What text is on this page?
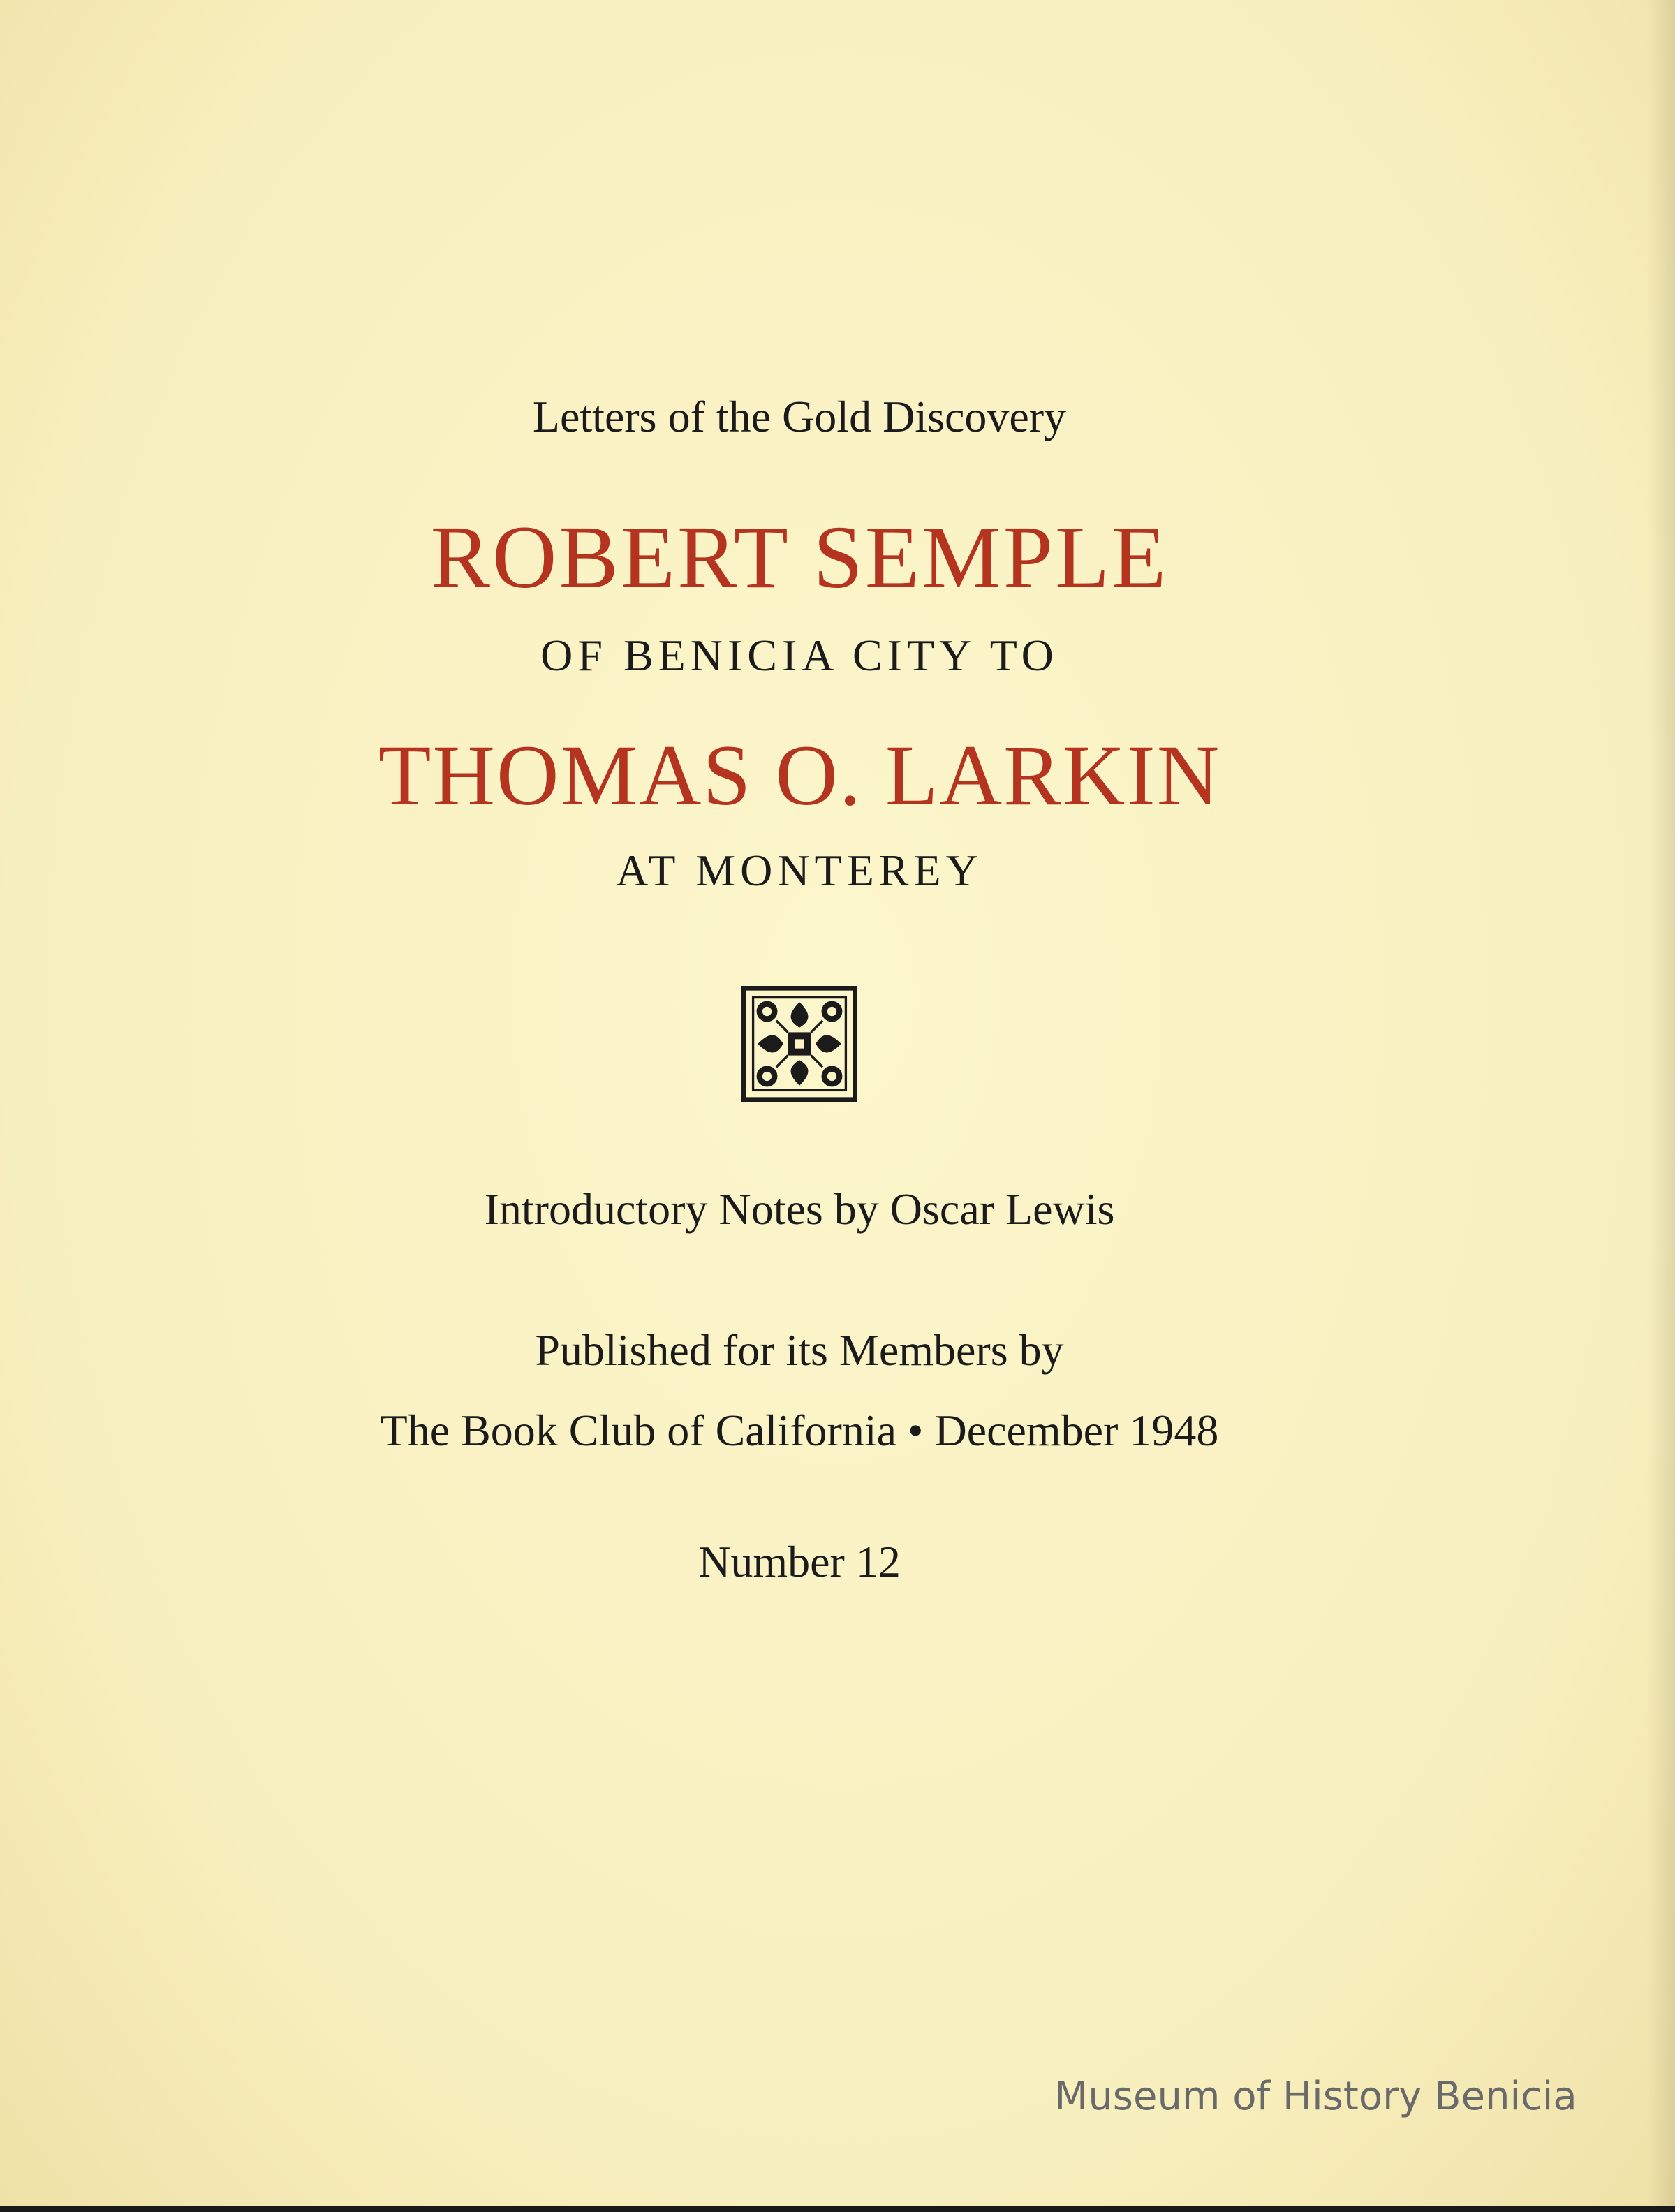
Letters of the Gold Discovery
ROBERT SEMPLE
OF BENICIA CITY TO
THOMAS O. LARKIN
AT MONTEREY
Introductory Notes by Oscar Lewis
Published for its Members by
The Book Club of California • December 1948
Number 12
Museum of History Benicia
